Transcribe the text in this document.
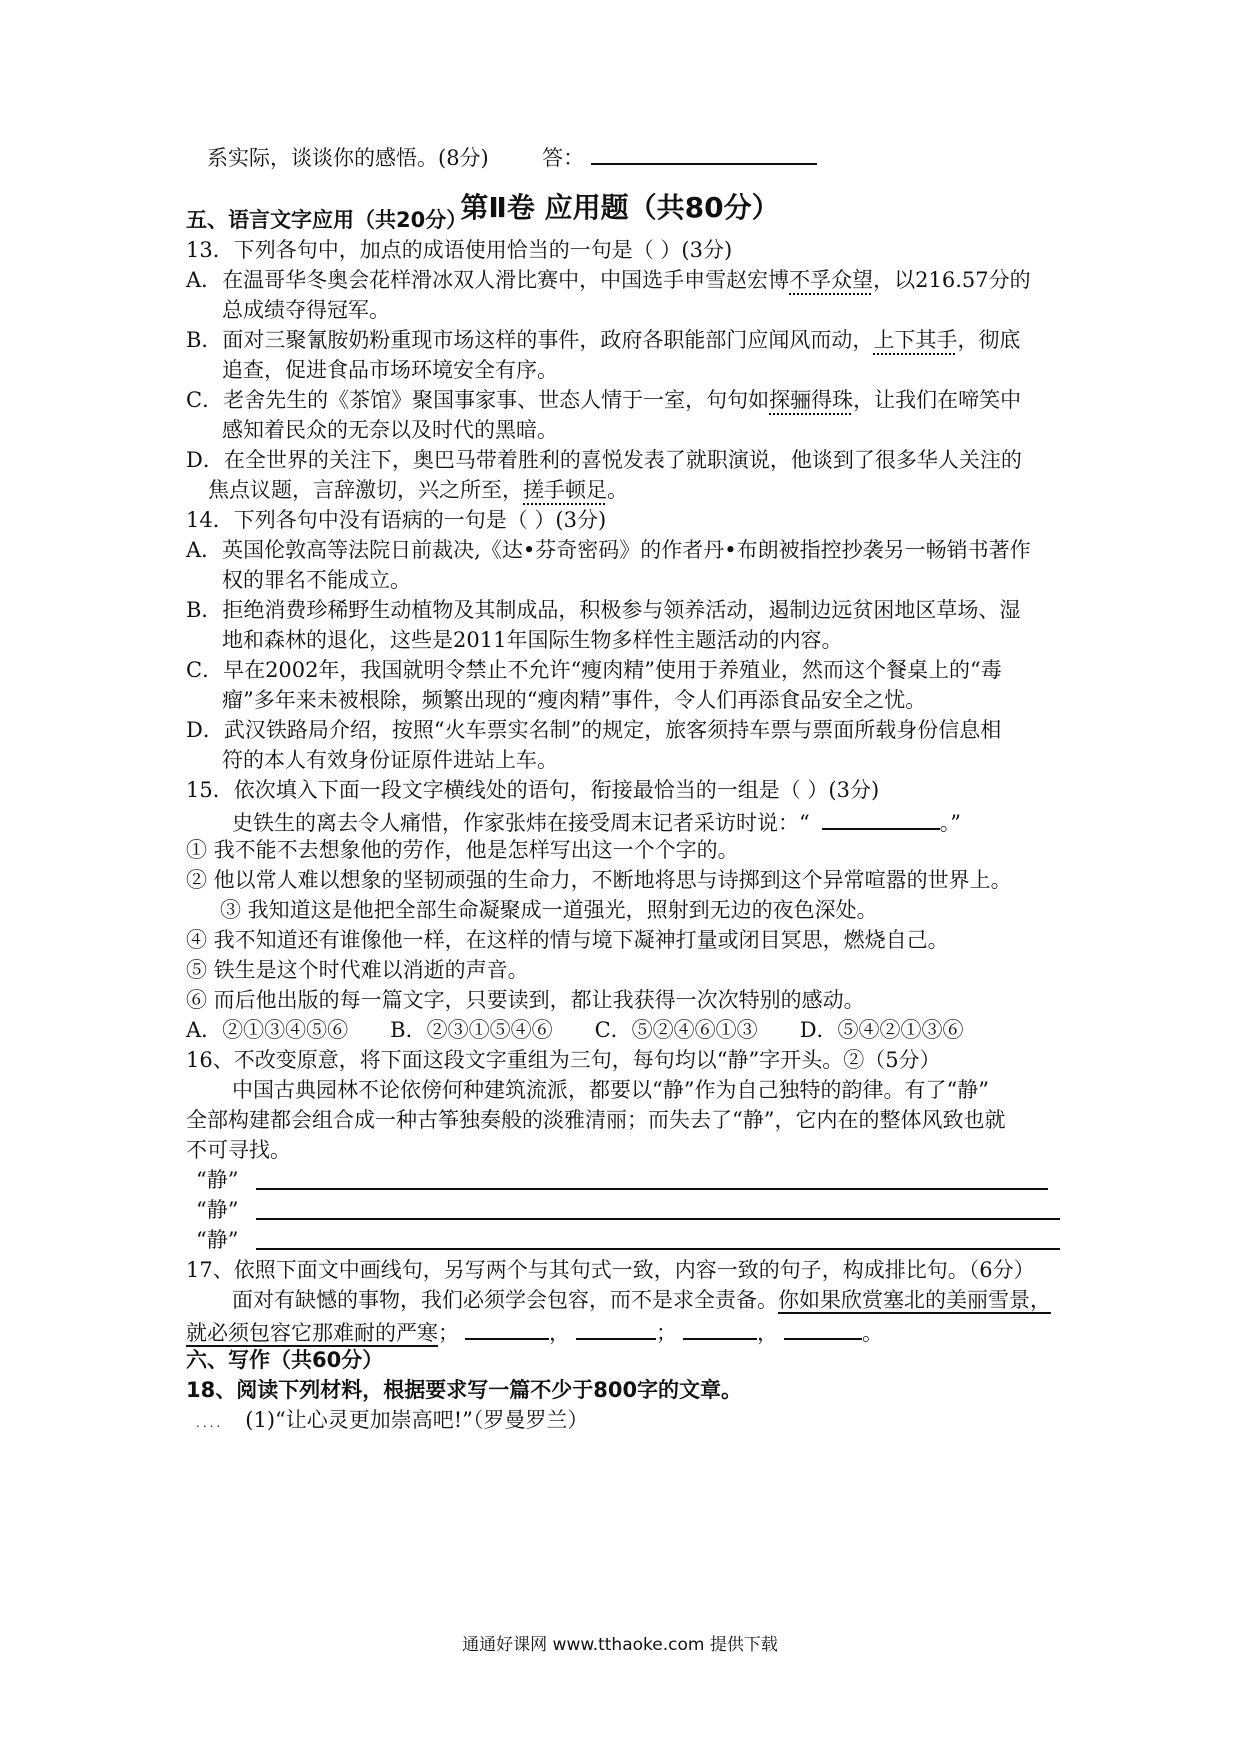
系实际，谈谈你的感悟。(8分)	答：
第Ⅱ卷 应用题（共80分）
五、语言文字应用（共20分）
13．下列各句中，加点的成语使用恰当的一句是（ ）(3分)
A．在温哥华冬奥会花样滑冰双人滑比赛中，中国选手申雪赵宏博不孚众望，以216.57分的
总成绩夺得冠军。
B．面对三聚氰胺奶粉重现市场这样的事件，政府各职能部门应闻风而动，上下其手，彻底
追查，促进食品市场环境安全有序。
C．老舍先生的《茶馆》聚国事家事、世态人情于一室，句句如探骊得珠，让我们在啼笑中
感知着民众的无奈以及时代的黑暗。
D．在全世界的关注下，奥巴马带着胜利的喜悦发表了就职演说，他谈到了很多华人关注的
焦点议题，言辞激切，兴之所至，搓手顿足。
14．下列各句中没有语病的一句是（ ）(3分)
A．英国伦敦高等法院日前裁决,《达•芬奇密码》的作者丹•布朗被指控抄袭另一畅销书著作
权的罪名不能成立。
B．拒绝消费珍稀野生动植物及其制成品，积极参与领养活动，遏制边远贫困地区草场、湿
地和森林的退化，这些是2011年国际生物多样性主题活动的内容。
C．早在2002年，我国就明令禁止不允许“瘦肉精”使用于养殖业，然而这个餐桌上的“毒
瘤”多年来未被根除，频繁出现的“瘦肉精”事件，令人们再添食品安全之忧。
D．武汉铁路局介绍，按照“火车票实名制”的规定，旅客须持车票与票面所载身份信息相
符的本人有效身份证原件进站上车。
15．依次填入下面一段文字横线处的语句，衔接最恰当的一组是（ ）(3分)
史铁生的离去令人痛惜，作家张炜在接受周末记者采访时说：“	。”
① 我不能不去想象他的劳作，他是怎样写出这一个个字的。
② 他以常人难以想象的坚韧顽强的生命力，不断地将思与诗掷到这个异常喧嚣的世界上。
③ 我知道这是他把全部生命凝聚成一道强光，照射到无边的夜色深处。
④ 我不知道还有谁像他一样，在这样的情与境下凝神打量或闭目冥思，燃烧自己。
⑤ 铁生是这个时代难以消逝的声音。
⑥ 而后他出版的每一篇文字，只要读到，都让我获得一次次特别的感动。
A．②①③④⑤⑥ B．②③①⑤④⑥ C．⑤②④⑥①③ D．⑤④②①③⑥
16、不改变原意，将下面这段文字重组为三句，每句均以“静”字开头。②（5分）
中国古典园林不论依傍何种建筑流派，都要以“静”作为自己独特的韵律。有了“静”
全部构建都会组合成一种古筝独奏般的淡雅清丽；而失去了“静”，它内在的整体风致也就
不可寻找。
“静”
“静”
“静”
17、依照下面文中画线句，另写两个与其句式一致，内容一致的句子，构成排比句。（6分）
面对有缺憾的事物，我们必须学会包容，而不是求全责备。你如果欣赏塞北的美丽雪景，
就必须包容它那难耐的严寒；	，	；	，	。
六、写作（共60分）
18、阅读下列材料，根据要求写一篇不少于800字的文章。
.... (1)“让心灵更加崇高吧!”（罗曼罗兰）
通通好课网 www.tthaoke.com 提供下载
